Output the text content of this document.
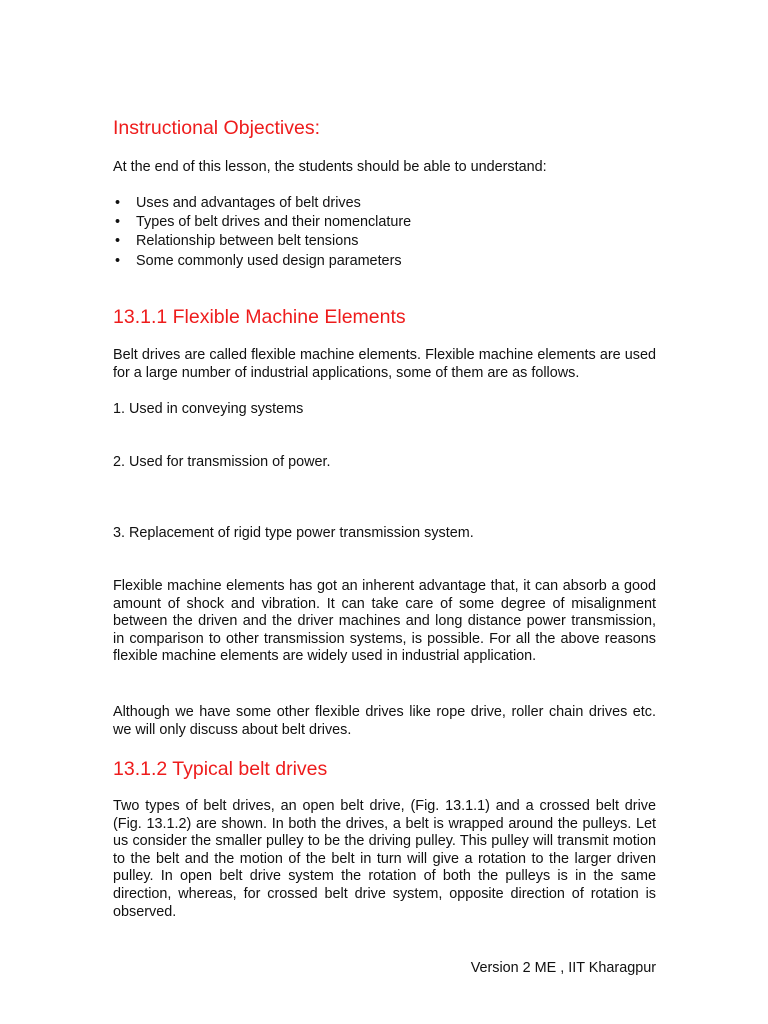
Instructional Objectives:
At the end of this lesson, the students should be able to understand:
• Uses and advantages of belt drives
• Types of belt drives and their nomenclature
• Relationship between belt tensions
• Some commonly used design parameters
13.1.1 Flexible Machine Elements
Belt drives are called flexible machine elements. Flexible machine elements are used for a large number of industrial applications, some of them are as follows.
1. Used in conveying systems
2. Used for transmission of power.
3. Replacement of rigid type power transmission system.
Flexible machine elements has got an inherent advantage that, it can absorb a good amount of shock and vibration. It can take care of some degree of misalignment between the driven and the driver machines and long distance power transmission, in comparison to other transmission systems, is possible. For all the above reasons flexible machine elements are widely used in industrial application.
Although we have some other flexible drives like rope drive, roller chain drives etc. we will only discuss about belt drives.
13.1.2 Typical belt drives
Two types of belt drives, an open belt drive, (Fig. 13.1.1) and a crossed belt drive (Fig. 13.1.2) are shown. In both the drives, a belt is wrapped around the pulleys. Let us consider the smaller pulley to be the driving pulley. This pulley will transmit motion to the belt and the motion of the belt in turn will give a rotation to the larger driven pulley. In open belt drive system the rotation of both the pulleys is in the same direction, whereas, for crossed belt drive system, opposite direction of rotation is observed.
Version 2 ME , IIT Kharagpur
